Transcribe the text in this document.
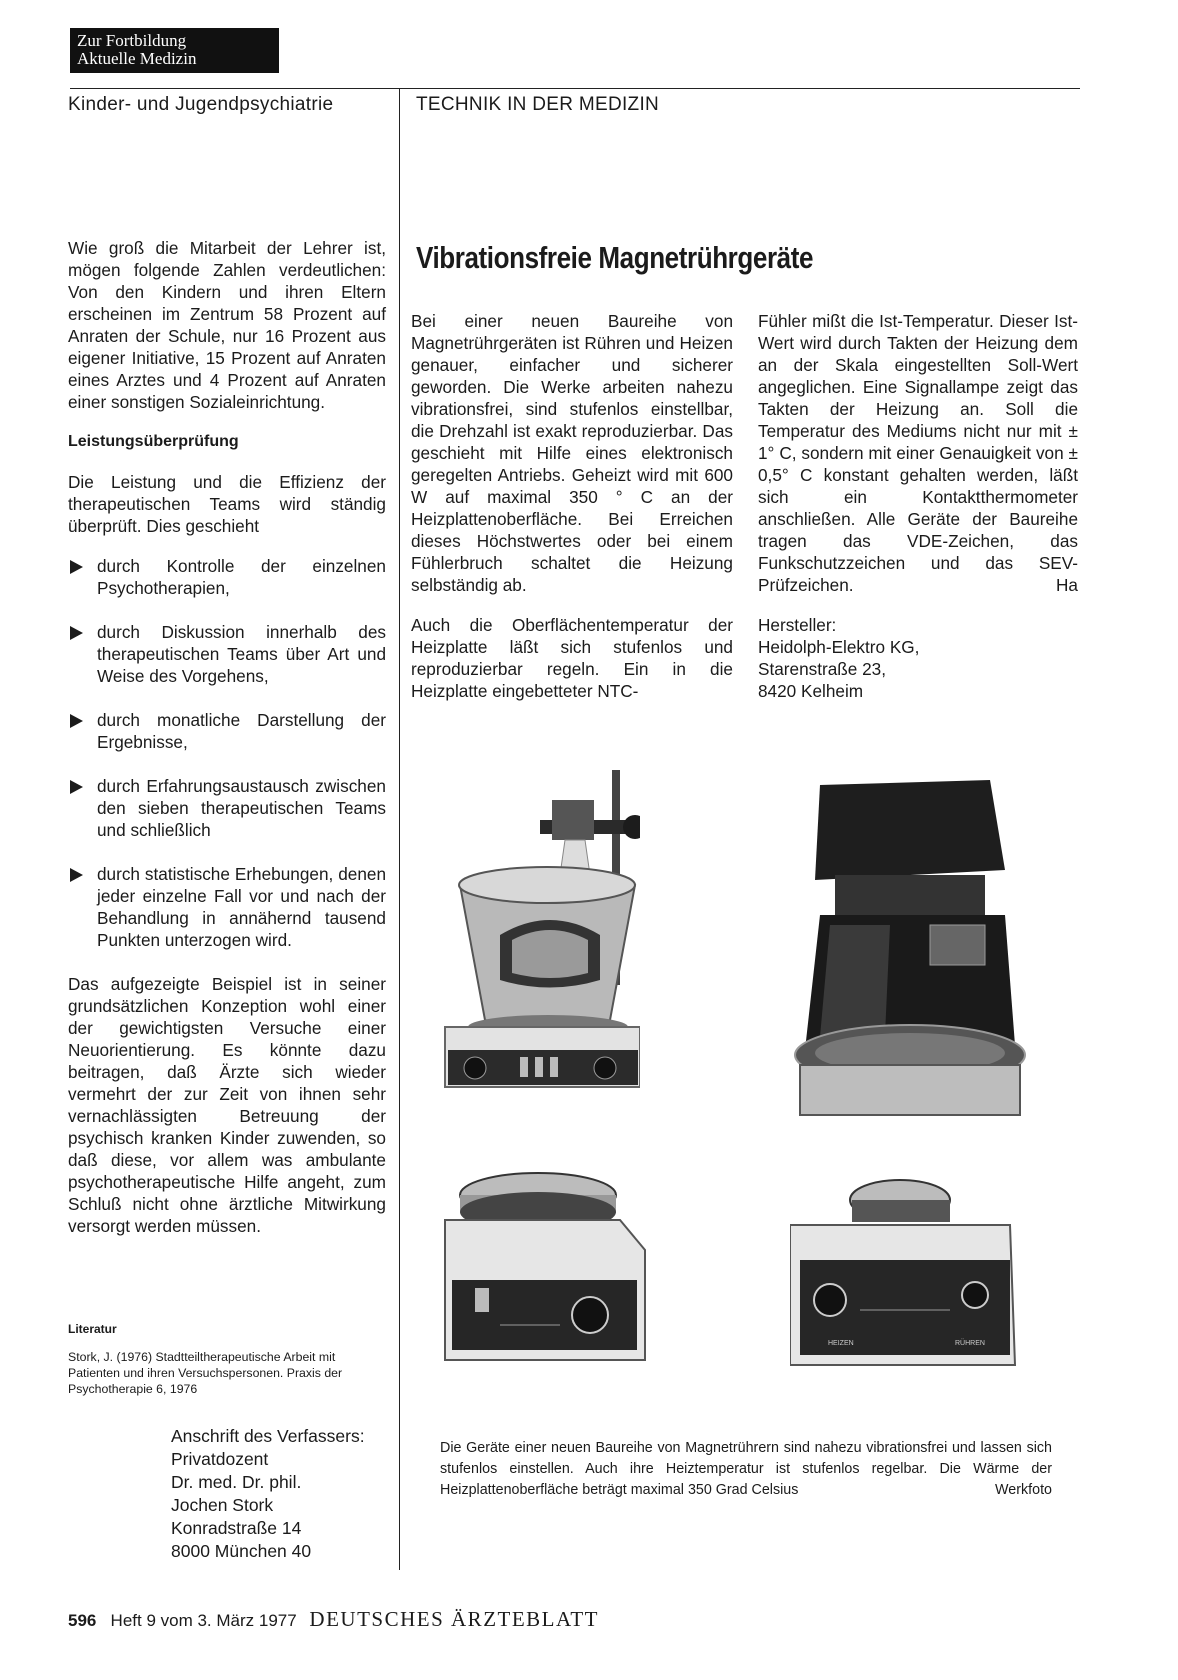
Zur Fortbildung
Aktuelle Medizin
Kinder- und Jugendpsychiatrie	TECHNIK IN DER MEDIZIN

Wie groß die Mitarbeit der Lehrer ist, mögen folgende Zahlen verdeutlichen: Von den Kindern und ihren Eltern erscheinen im Zentrum 58 Prozent auf Anraten der Schule, nur 16 Prozent aus eigener Initiative, 15 Prozent auf Anraten eines Arztes und 4 Prozent auf Anraten einer sonstigen Sozialeinrichtung.

Leistungsüberprüfung

Die Leistung und die Effizienz der therapeutischen Teams wird ständig überprüft. Dies geschieht

durch Kontrolle der einzelnen Psychotherapien,
durch Diskussion innerhalb des therapeutischen Teams über Art und Weise des Vorgehens,
durch monatliche Darstellung der Ergebnisse,
durch Erfahrungsaustausch zwischen den sieben therapeutischen Teams und schließlich
durch statistische Erhebungen, denen jeder einzelne Fall vor und nach der Behandlung in annähernd tausend Punkten unterzogen wird.

Das aufgezeigte Beispiel ist in seiner grundsätzlichen Konzeption wohl einer der gewichtigsten Versuche einer Neuorientierung. Es könnte dazu beitragen, daß Ärzte sich wieder vermehrt der zur Zeit von ihnen sehr vernachlässigten Betreuung der psychisch kranken Kinder zuwenden, so daß diese, vor allem was ambulante psychotherapeutische Hilfe angeht, zum Schluß nicht ohne ärztliche Mitwirkung versorgt werden müssen.

Literatur
Stork, J. (1976) Stadtteiltherapeutische Arbeit mit Patienten und ihren Versuchspersonen. Praxis der Psychotherapie 6, 1976
Anschrift des Verfassers:
Privatdozent
Dr. med. Dr. phil.
Jochen Stork
Konradstraße 14
8000 München 40
Vibrationsfreie Magnetrührgeräte

Bei einer neuen Baureihe von Magnetrührgeräten ist Rühren und Heizen genauer, einfacher und sicherer geworden. Die Werke arbeiten nahezu vibrationsfrei, sind stufenlos einstellbar, die Drehzahl ist exakt reproduzierbar. Das geschieht mit Hilfe eines elektronisch geregelten Antriebs. Geheizt wird mit 600 W auf maximal 350 ° C an der Heizplattenoberfläche. Bei Erreichen dieses Höchstwertes oder bei einem Fühlerbruch schaltet die Heizung selbständig ab.

Auch die Oberflächentemperatur der Heizplatte läßt sich stufenlos und reproduzierbar regeln. Ein in die Heizplatte eingebetteter NTC-

Fühler mißt die Ist-Temperatur. Dieser Ist-Wert wird durch Takten der Heizung dem an der Skala eingestellten Soll-Wert angeglichen. Eine Signallampe zeigt das Takten der Heizung an. Soll die Temperatur des Mediums nicht nur mit ± 1° C, sondern mit einer Genauigkeit von ± 0,5° C konstant gehalten werden, läßt sich ein Kontaktthermometer anschließen. Alle Geräte der Baureihe tragen das VDE-Zeichen, das Funkschutzzeichen und das SEV-Prüfzeichen.	Ha
Hersteller:
Heidolph-Elektro KG,
Starenstraße 23,
8420 Kelheim
HEIZEN	RÜHREN
Die Geräte einer neuen Baureihe von Magnetrührern sind nahezu vibrationsfrei und lassen sich stufenlos einstellen. Auch ihre Heiztemperatur ist stufenlos regelbar. Die Wärme der Heizplattenoberfläche beträgt maximal 350 Grad Celsius	Werkfoto
596 Heft 9 vom 3. März 1977 DEUTSCHES ÄRZTEBLATT
